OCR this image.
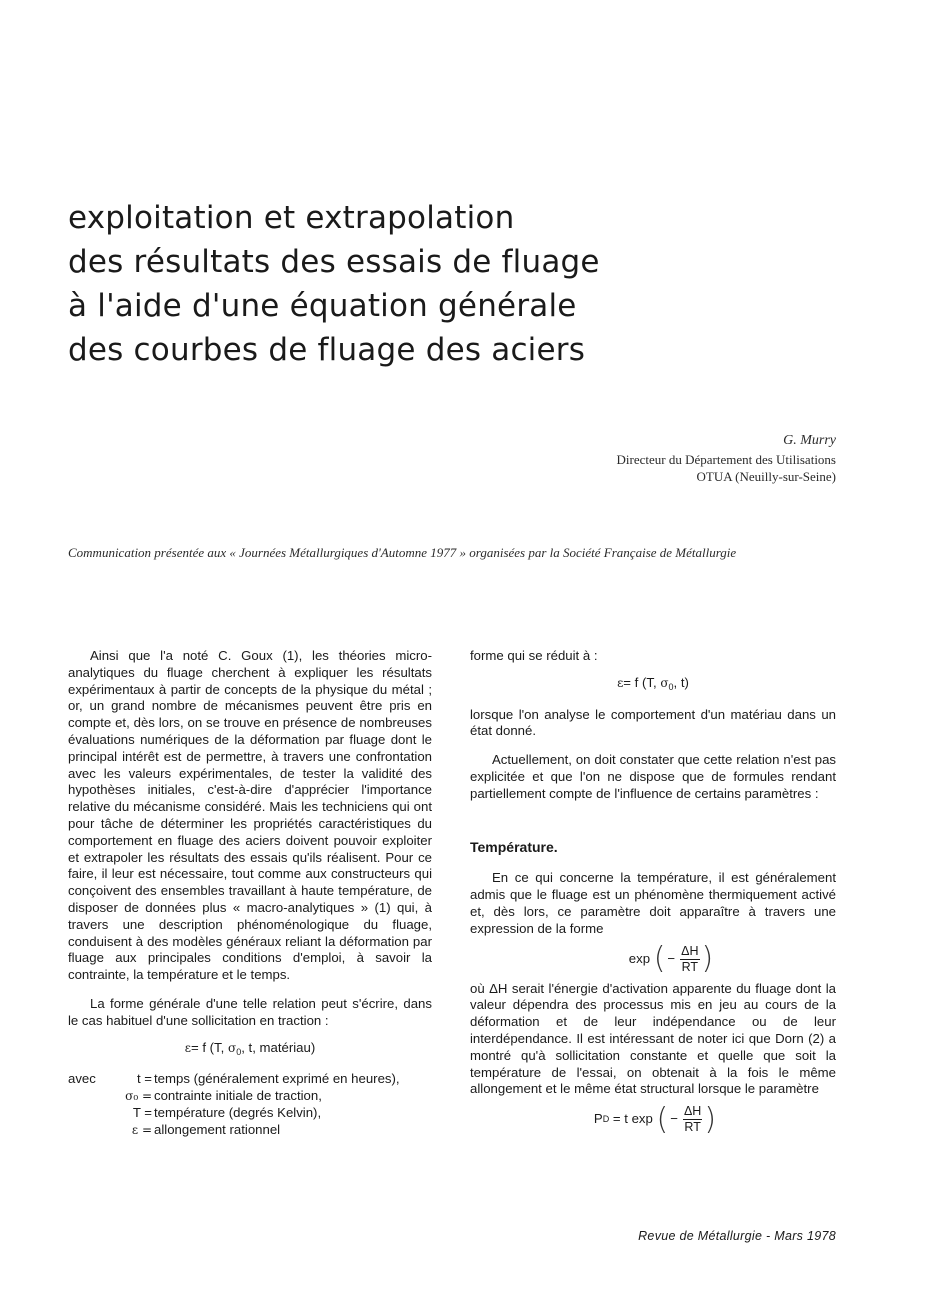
exploitation et extrapolation
des résultats des essais de fluage
à l'aide d'une équation générale
des courbes de fluage des aciers
G. Murry
Directeur du Département des Utilisations
OTUA (Neuilly-sur-Seine)
Communication présentée aux « Journées Métallurgiques d'Automne 1977 » organisées par la Société Française de Métallurgie

Ainsi que l'a noté C. Goux (1), les théories micro-analytiques du fluage cherchent à expliquer les résultats expérimentaux à partir de concepts de la physique du métal ; or, un grand nombre de mécanismes peuvent être pris en compte et, dès lors, on se trouve en présence de nombreuses évaluations numériques de la déformation par fluage dont le principal intérêt est de permettre, à travers une confrontation avec les valeurs expérimentales, de tester la validité des hypothèses initiales, c'est-à-dire d'apprécier l'importance relative du mécanisme considéré. Mais les techniciens qui ont pour tâche de déterminer les propriétés caractéristiques du comportement en fluage des aciers doivent pouvoir exploiter et extrapoler les résultats des essais qu'ils réalisent. Pour ce faire, il leur est nécessaire, tout comme aux constructeurs qui conçoivent des ensembles travaillant à haute température, de disposer de données plus « macro-analytiques » (1) qui, à travers une description phénoménologique du fluage, conduisent à des modèles généraux reliant la déformation par fluage aux principales conditions d'emploi, à savoir la contrainte, la température et le temps.

La forme générale d'une telle relation peut s'écrire, dans le cas habituel d'une sollicitation en traction :

ε= f (T, $\sigma_0$, t, matériau)
avec	t = temps (généralement exprimé en heures),
σ₀ = contrainte initiale de traction,
T = température (degrés Kelvin),
ε = allongement rationnel

forme qui se réduit à :

ε= f (T, $\sigma_0$, t)

lorsque l'on analyse le comportement d'un matériau dans un état donné.

Actuellement, on doit constater que cette relation n'est pas explicitée et que l'on ne dispose que de formules rendant partiellement compte de l'influence de certains paramètres :

Température.

En ce qui concerne la température, il est généralement admis que le fluage est un phénomène thermiquement activé et, dès lors, ce paramètre doit apparaître à travers une expression de la forme

exp
( − $\frac{\Delta H}{RT}$ )

où ΔH serait l'énergie d'activation apparente du fluage dont la valeur dépendra des processus mis en jeu au cours de la déformation et de leur indépendance ou de leur interdépendance. Il est intéressant de noter ici que Dorn (2) a montré qu'à sollicitation constante et quelle que soit la température de l'essai, on obtenait à la fois le même allongement et le même état structural lorsque le paramètre

P D
= t exp
( − $\frac{\Delta H}{RT}$ )
Revue de Métallurgie - Mars 1978
